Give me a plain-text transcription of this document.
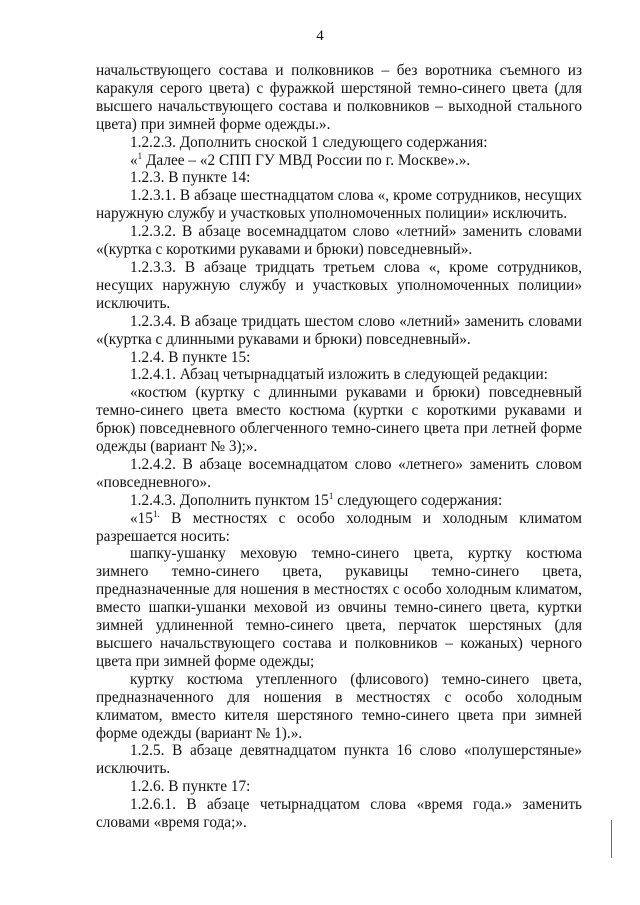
4

начальствующего состава и полковников – без воротника съемного из каракуля серого цвета) с фуражкой шерстяной темно-синего цвета (для высшего начальствующего состава и полковников – выходной стального цвета) при зимней форме одежды.».

1.2.2.3. Дополнить сноской 1 следующего содержания:

«$^1$ Далее – «2 СПП ГУ МВД России по г. Москве».».

1.2.3. В пункте 14:

1.2.3.1. В абзаце шестнадцатом слова «, кроме сотрудников, несущих наружную службу и участковых уполномоченных полиции» исключить.

1.2.3.2. В абзаце восемнадцатом слово «летний» заменить словами «(куртка с короткими рукавами и брюки) повседневный».

1.2.3.3. В абзаце тридцать третьем слова «, кроме сотрудников, несущих наружную службу и участковых уполномоченных полиции» исключить.

1.2.3.4. В абзаце тридцать шестом слово «летний» заменить словами «(куртка с длинными рукавами и брюки) повседневный».

1.2.4. В пункте 15:

1.2.4.1. Абзац четырнадцатый изложить в следующей редакции:

«костюм (куртку с длинными рукавами и брюки) повседневный темно-синего цвета вместо костюма (куртки с короткими рукавами и брюк) повседневного облегченного темно-синего цвета при летней форме одежды (вариант № 3);».

1.2.4.2. В абзаце восемнадцатом слово «летнего» заменить словом «повседневного».

1.2.4.3. Дополнить пунктом $15^1$ следующего содержания:

«$15^{1.}$ В местностях с особо холодным и холодным климатом разрешается носить:

шапку-ушанку меховую темно-синего цвета, куртку костюма зимнего темно-синего цвета, рукавицы темно-синего цвета, предназначенные для ношения в местностях с особо холодным климатом, вместо шапки-ушанки меховой из овчины темно-синего цвета, куртки зимней удлиненной темно-синего цвета, перчаток шерстяных (для высшего начальствующего состава и полковников – кожаных) черного цвета при зимней форме одежды;

куртку костюма утепленного (флисового) темно-синего цвета, предназначенного для ношения в местностях с особо холодным климатом, вместо кителя шерстяного темно-синего цвета при зимней форме одежды (вариант № 1).».

1.2.5. В абзаце девятнадцатом пункта 16 слово «полушерстяные» исключить.

1.2.6. В пункте 17:

1.2.6.1. В абзаце четырнадцатом слова «время года.» заменить словами «время года;».
